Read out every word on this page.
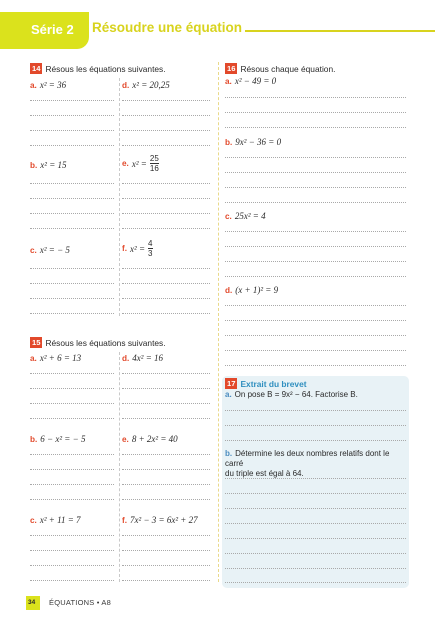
Série 2 Résoudre une équation
14 Résous les équations suivantes.
a. x² = 36	d. x² = 20,25
b. x² = 15	e. $x^2 = \frac{25}{16}$
c. x² = − 5	f. $x^2 = \frac{4}{3}$
15 Résous les équations suivantes.
a. x² + 6 = 13	d. 4x² = 16
b. 6 − x² = − 5	e. 8 + 2x² = 40
c. x² + 11 = 7	f. 7x² − 3 = 6x² + 27
16 Résous chaque équation.
a. x² − 49 = 0
b. 9x² − 36 = 0
c. 25x² = 4
d. (x + 1)² = 9
17 Extrait du brevet
a. On pose B = 9x² − 64. Factorise B.
b. Détermine les deux nombres relatifs dont le carré
du triple est égal à 64.
34 ÉQUATIONS • A8
